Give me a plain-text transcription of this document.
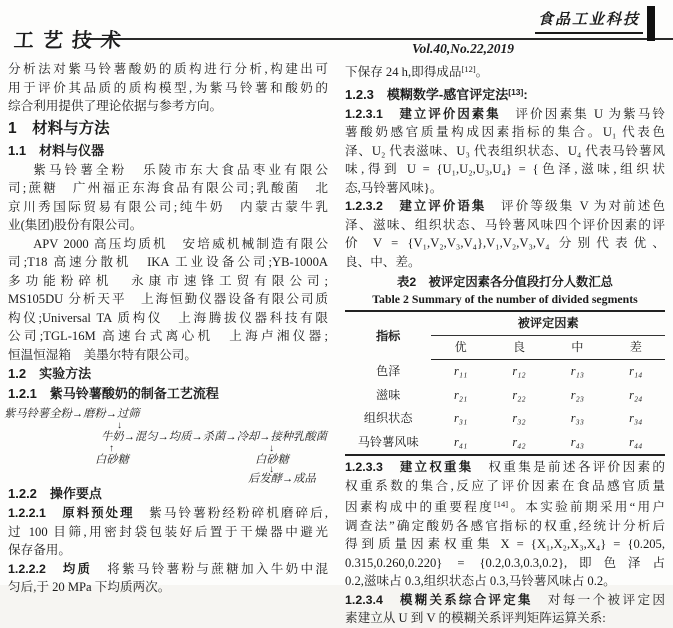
工艺技术
食品工业科技
Vol.40,No.22,2019
分析法对紫马铃薯酸奶的质构进行分析,构建出可
用于评价其品质的质构模型,为紫马铃薯和酸奶的
综合利用提供了理论依据与参考方向。
1　材料与方法
1.1　材料与仪器
紫马铃薯全粉　乐陵市东大食品枣业有限公
司;蔗糖　广州福正东海食品有限公司;乳酸菌　北
京川秀国际贸易有限公司;纯牛奶　内蒙古蒙牛乳
业(集团)股份有限公司。
APV 2000 高压均质机　安培威机械制造有限公
司;T18 高速分散机　IKA 工业设备公司;YB-1000A
多功能粉碎机　永康市速锋工贸有限公司;
MS105DU 分析天平　上海恒勤仪器设备有限公司质
构仪;Universal TA 质构仪　上海腾拔仪器科技有限
公司;TGL-16M 高速台式离心机　上海卢湘仪器;
恒温恒湿箱　美墨尔特有限公司。
1.2　实验方法
1.2.1　紫马铃薯酸奶的制备工艺流程
紫马铃薯全粉→磨粉→过筛
↓
牛奶→混匀→均质→杀菌→冷却→接种乳酸菌
↑
白砂糖
↓
白砂糖
↓
后发酵→成品
1.2.2　操作要点
1.2.2.1　原料预处理　紫马铃薯粉经粉碎机磨碎后,
过 100 目筛,用密封袋包装好后置于干燥器中避光
保存备用。
1.2.2.2　均质　将紫马铃薯粉与蔗糖加入牛奶中混
匀后,于 20 MPa 下均质两次。
下保存 24 h,即得成品[12]。
1.2.3　模糊数学-感官评定法[13]:
1.2.3.1　建立评价因素集　评价因素集 U 为紫马铃
薯酸奶感官质量构成因素指标的集合。U₁ 代表色
泽、U₂ 代表滋味、U₃ 代表组织状态、U₄ 代表马铃薯风
味,得到 U = {U₁,U₂,U₃,U₄} = {色泽,滋味,组织状
态,马铃薯风味}。
1.2.3.2　建立评价语集　评价等级集 V 为对前述色
泽、滋味、组织状态、马铃薯风味四个评价因素的评
价 V = {V₁,V₂,V₃,V₄},V₁,V₂,V₃,V₄ 分别代表优、
良、中、差。
表2　被评定因素各分值段打分人数汇总
Table 2 Summary of the number of divided segments
指标	被评定因素			
	优	良	中	差
色泽	r₁₁	r₁₂	r₁₃	r₁₄
滋味	r₂₁	r₂₂	r₂₃	r₂₄
组织状态	r₃₁	r₃₂	r₃₃	r₃₄
马铃薯风味	r₄₁	r₄₂	r₄₃	r₄₄
1.2.3.3　建立权重集　权重集是前述各评价因素的
权重系数的集合,反应了评价因素在食品感官质量
因素构成中的重要程度[14]。本实验前期采用“用户
调查法”确定酸奶各感官指标的权重,经统计分析后
得到质量因素权重集 X = {X₁,X₂,X₃,X₄} = {0.205,
0.315,0.260,0.220} = {0.2,0.3,0.3,0.2},即色泽占
0.2,滋味占 0.3,组织状态占 0.3,马铃薯风味占 0.2。
1.2.3.4　模糊关系综合评定集　对每一个被评定因
素建立从 U 到 V 的模糊关系评判矩阵运算关系:
